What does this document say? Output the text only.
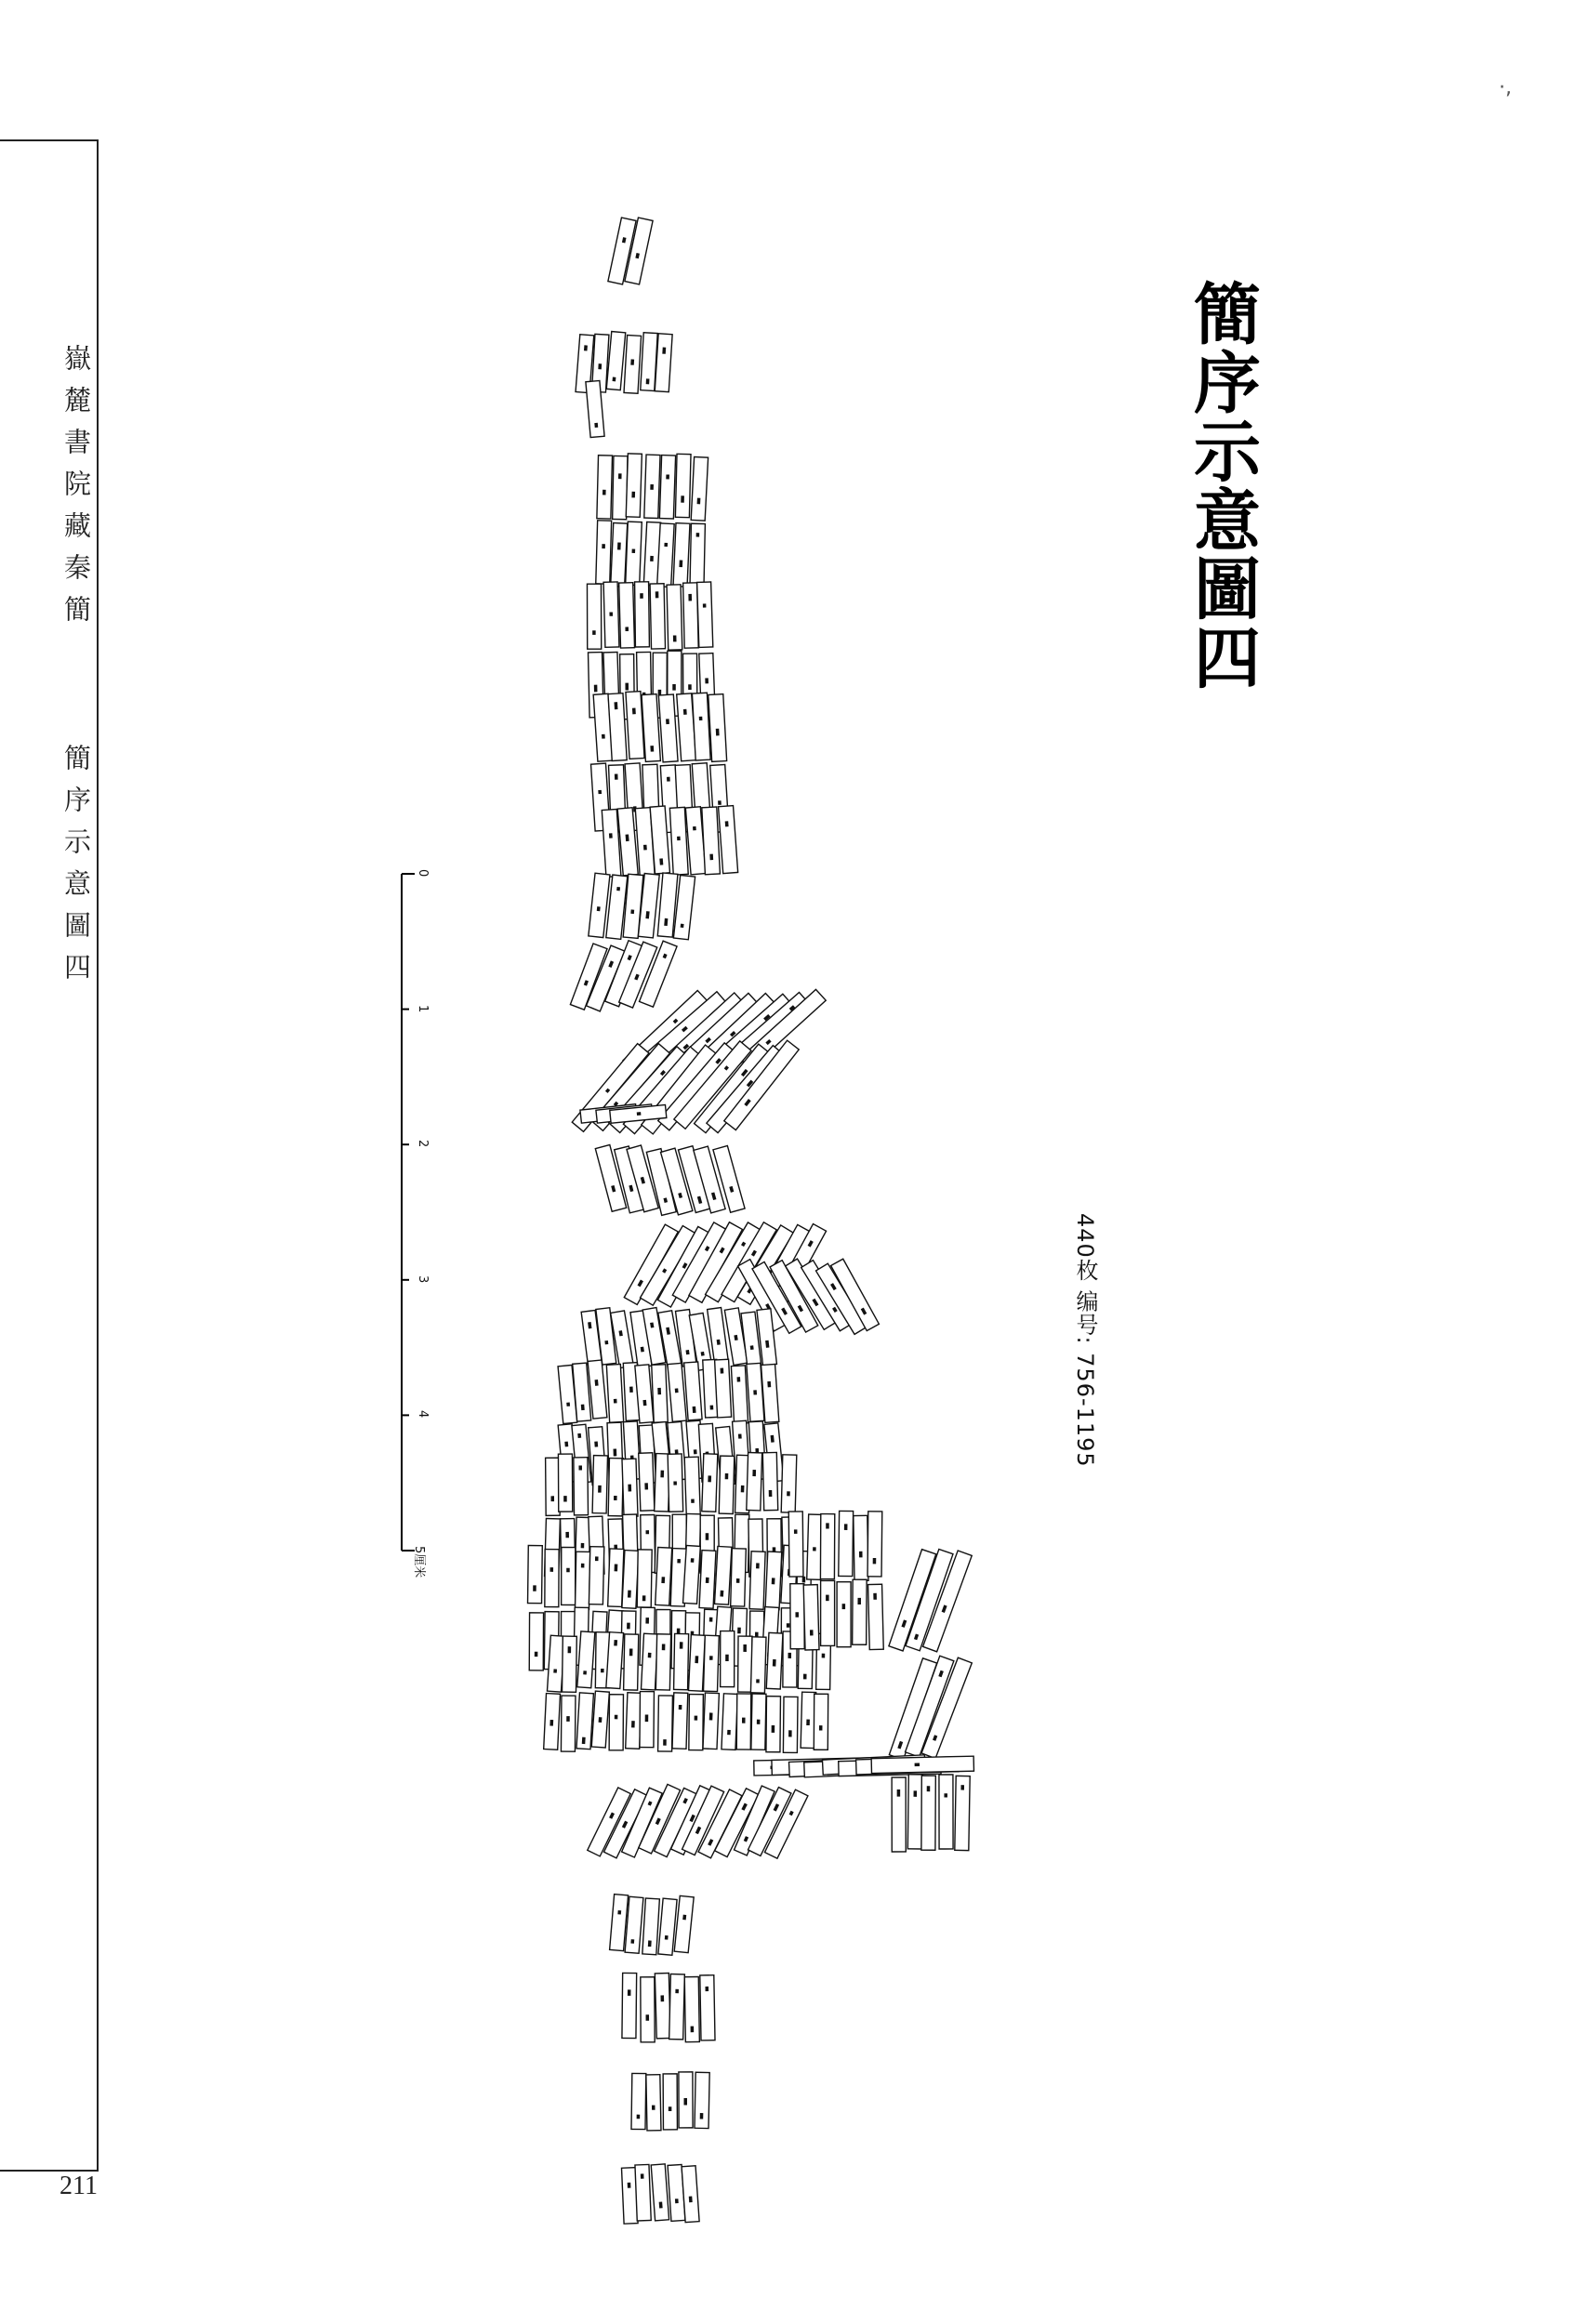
嶽麓書院藏秦簡
簡序示意圖四
211
·,
簡序示意圖四
440枚 编号: 756-1195
0
1
2
3
4
5厘米
